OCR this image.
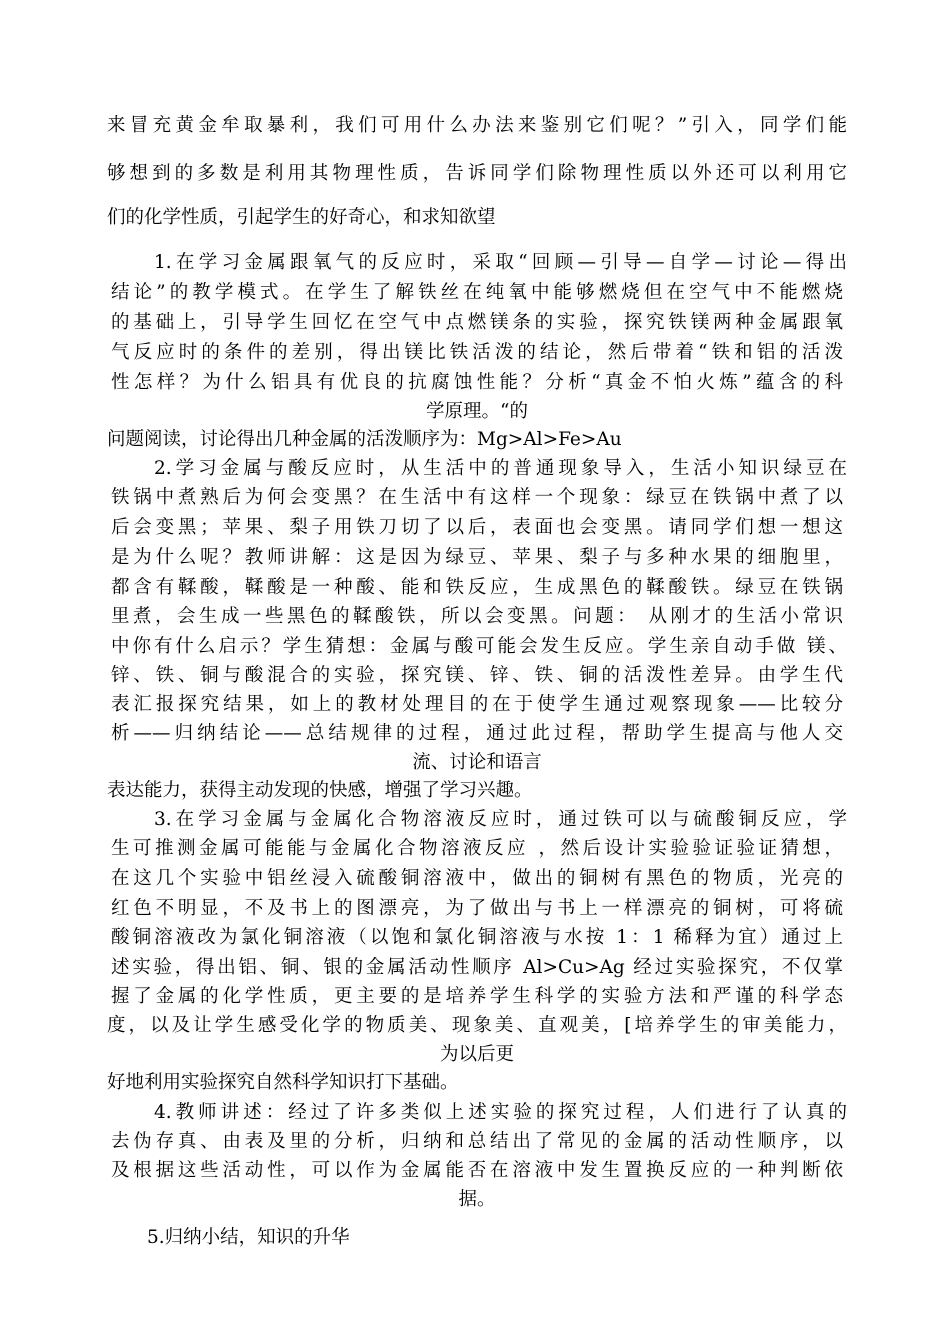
来冒充黄金牟取暴利，我们可用什么办法来鉴别它们呢？”引入，同学们能
够想到的多数是利用其物理性质，告诉同学们除物理性质以外还可以利用它
们的化学性质，引起学生的好奇心，和求知欲望
1.在学习金属跟氧气的反应时，采取“回顾—引导—自学—讨论—得出
结论”的教学模式。在学生了解铁丝在纯氧中能够燃烧但在空气中不能燃烧
的基础上，引导学生回忆在空气中点燃镁条的实验，探究铁镁两种金属跟氧
气反应时的条件的差别，得出镁比铁活泼的结论，然后带着“铁和铝的活泼
性怎样？为什么铝具有优良的抗腐蚀性能？分析“真金不怕火炼”蕴含的科
学原理。“的
问题阅读，讨论得出几种金属的活泼顺序为：Mg>Al>Fe>Au
2.学习金属与酸反应时，从生活中的普通现象导入，生活小知识绿豆在
铁锅中煮熟后为何会变黑？在生活中有这样一个现象：绿豆在铁锅中煮了以
后会变黑；苹果、梨子用铁刀切了以后，表面也会变黑。请同学们想一想这
是为什么呢？教师讲解：这是因为绿豆、苹果、梨子与多种水果的细胞里，
都含有鞣酸，鞣酸是一种酸、能和铁反应，生成黑色的鞣酸铁。绿豆在铁锅
里煮，会生成一些黑色的鞣酸铁，所以会变黑。问题： 从刚才的生活小常识
中你有什么启示？学生猜想：金属与酸可能会发生反应。学生亲自动手做 镁、
锌、铁、铜与酸混合的实验，探究镁、锌、铁、铜的活泼性差异。由学生代
表汇报探究结果，如上的教材处理目的在于使学生通过观察现象——比较分
析——归纳结论——总结规律的过程，通过此过程，帮助学生提高与他人交
流、讨论和语言
表达能力，获得主动发现的快感，增强了学习兴趣。
3.在学习金属与金属化合物溶液反应时，通过铁可以与硫酸铜反应，学
生可推测金属可能能与金属化合物溶液反应 ，然后设计实验验证验证猜想，
在这几个实验中铝丝浸入硫酸铜溶液中，做出的铜树有黑色的物质，光亮的
红色不明显，不及书上的图漂亮，为了做出与书上一样漂亮的铜树，可将硫
酸铜溶液改为氯化铜溶液（以饱和氯化铜溶液与水按 1：1 稀释为宜）通过上
述实验，得出铝、铜、银的金属活动性顺序 Al>Cu>Ag 经过实验探究，不仅掌
握了金属的化学性质，更主要的是培养学生科学的实验方法和严谨的科学态
度，以及让学生感受化学的物质美、现象美、直观美，[培养学生的审美能力，
为以后更
好地利用实验探究自然科学知识打下基础。
4.教师讲述：经过了许多类似上述实验的探究过程，人们进行了认真的
去伪存真、由表及里的分析，归纳和总结出了常见的金属的活动性顺序，以
及根据这些活动性，可以作为金属能否在溶液中发生置换反应的一种判断依
据。
5.归纳小结，知识的升华
